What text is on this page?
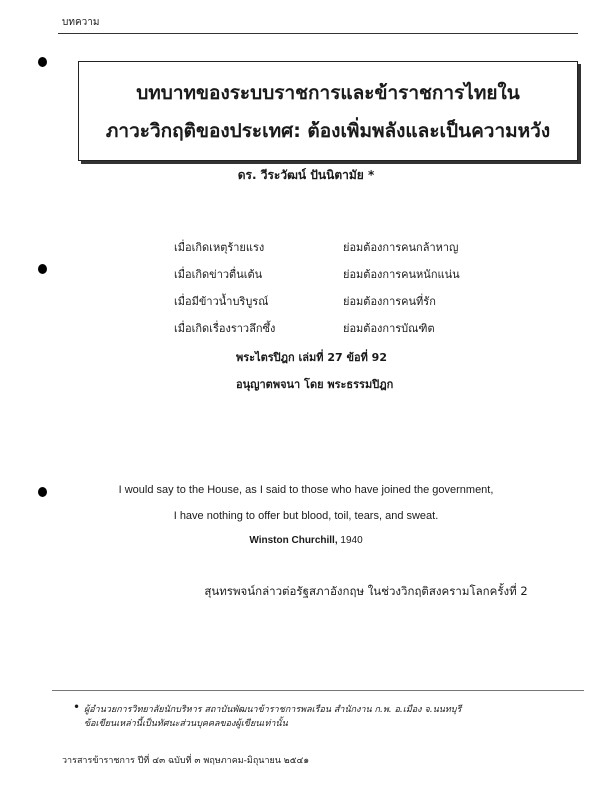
บทความ
บทบาทของระบบราชการและข้าราชการไทยใน
ภาวะวิกฤติของประเทศ: ต้องเพิ่มพลังและเป็นความหวัง
ดร. วีระวัฒน์ ปันนิตามัย *
เมื่อเกิดเหตุร้ายแรง	ย่อมต้องการคนกล้าหาญ
เมื่อเกิดข่าวตื่นเต้น	ย่อมต้องการคนหนักแน่น
เมื่อมีข้าวน้ำบริบูรณ์	ย่อมต้องการคนที่รัก
เมื่อเกิดเรื่องราวลึกซึ้ง	ย่อมต้องการบัณฑิต
พระไตรปิฎก เล่มที่ 27 ข้อที่ 92
อนุญาตพจนา โดย พระธรรมปิฎก
I would say to the House, as I said to those who have joined the government,
I have nothing to offer but blood, toil, tears, and sweat.
Winston Churchill, 1940
สุนทรพจน์กล่าวต่อรัฐสภาอังกฤษ ในช่วงวิกฤติสงครามโลกครั้งที่ 2
• ผู้อำนวยการวิทยาลัยนักบริหาร สถาบันพัฒนาข้าราชการพลเรือน สำนักงาน ก.พ. อ.เมือง จ.นนทบุรี
ข้อเขียนเหล่านี้เป็นทัศนะส่วนบุคคลของผู้เขียนเท่านั้น
วารสารข้าราชการ ปีที่ ๔๓ ฉบับที่ ๓ พฤษภาคม-มิถุนายน ๒๕๔๑
